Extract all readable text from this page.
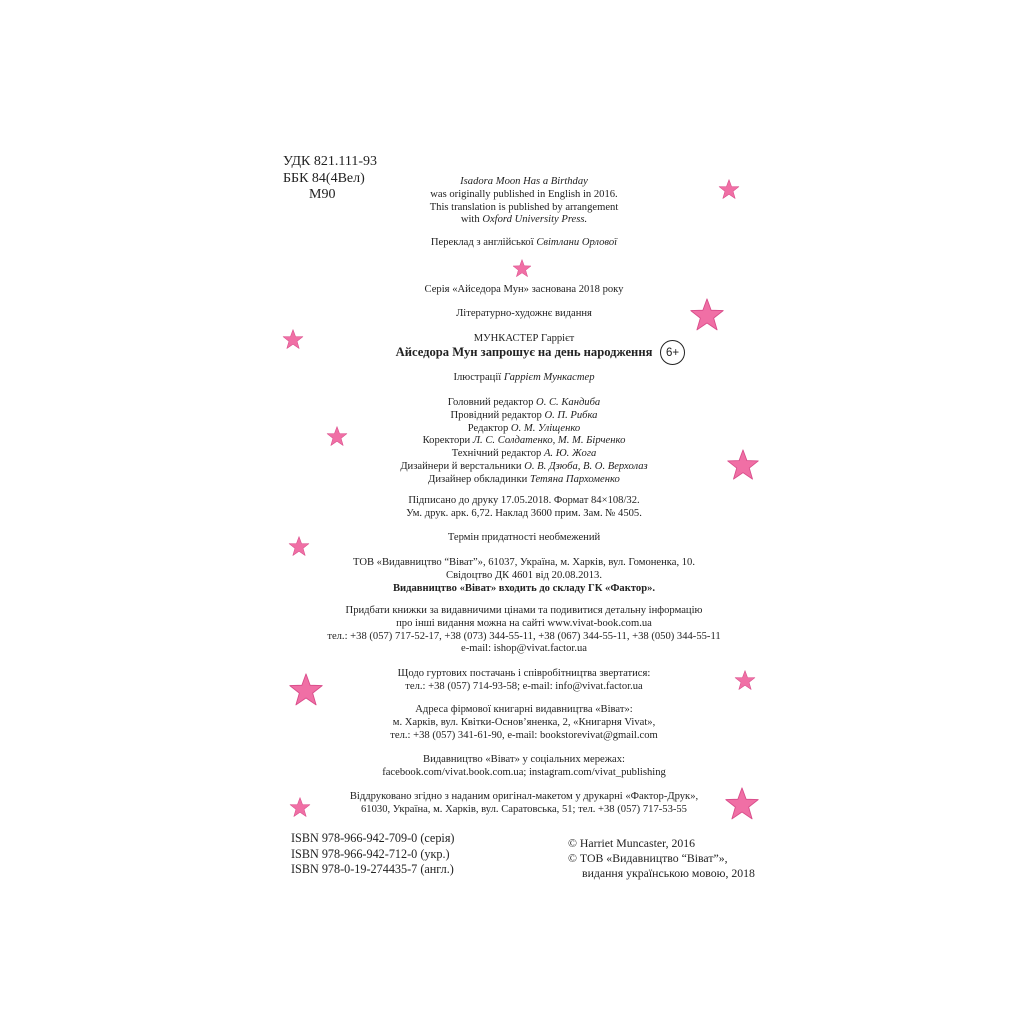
УДК 821.111-93
ББК 84(4Вел)
М90
Isadora Moon Has a Birthday
was originally published in English in 2016.
This translation is published by arrangement
with Oxford University Press.
Переклад з англійської Світлани Орлової
Серія «Айседора Мун» заснована 2018 року
Літературно-художнє видання
МУНКАСТЕР Гаррієт
Айседора Мун запрошує на день народження	6+
Ілюстрації Гаррієт Мункастер
Головний редактор О. С. Кандиба
Провідний редактор О. П. Рибка
Редактор О. М. Уліщенко
Коректори Л. С. Солдатенко, М. М. Бірченко
Технічний редактор А. Ю. Жога
Дизайнери й верстальники О. В. Дзюба, В. О. Верхолаз
Дизайнер обкладинки Тетяна Пархоменко
Підписано до друку 17.05.2018. Формат 84×108/32.
Ум. друк. арк. 6,72. Наклад 3600 прим. Зам. № 4505.
Термін придатності необмежений
ТОВ «Видавництво “Віват”», 61037, Україна, м. Харків, вул. Гомоненка, 10.
Свідоцтво ДК 4601 від 20.08.2013.
Видавництво «Віват» входить до складу ГК «Фактор».
Придбати книжки за видавничими цінами та подивитися детальну інформацію
про інші видання можна на сайті www.vivat-book.com.ua
тел.: +38 (057) 717-52-17, +38 (073) 344-55-11, +38 (067) 344-55-11, +38 (050) 344-55-11
e-mail: ishop@vivat.factor.ua
Щодо гуртових постачань і співробітництва звертатися:
тел.: +38 (057) 714-93-58; e-mail: info@vivat.factor.ua
Адреса фірмової книгарні видавництва «Віват»:
м. Харків, вул. Квітки-Основ’яненка, 2, «Книгарня Vivat»,
тел.: +38 (057) 341-61-90, e-mail: bookstorevivat@gmail.com
Видавництво «Віват» у соціальних мережах:
facebook.com/vivat.book.com.ua; instagram.com/vivat_publishing
Віддруковано згідно з наданим оригінал-макетом у друкарні «Фактор-Друк»,
61030, Україна, м. Харків, вул. Саратовська, 51; тел. +38 (057) 717-53-55
ISBN 978-966-942-709-0 (серія)
ISBN 978-966-942-712-0 (укр.)
ISBN 978-0-19-274435-7 (англ.)
© Harriet Muncaster, 2016
© ТОВ «Видавництво “Віват”»,
видання українською мовою, 2018
